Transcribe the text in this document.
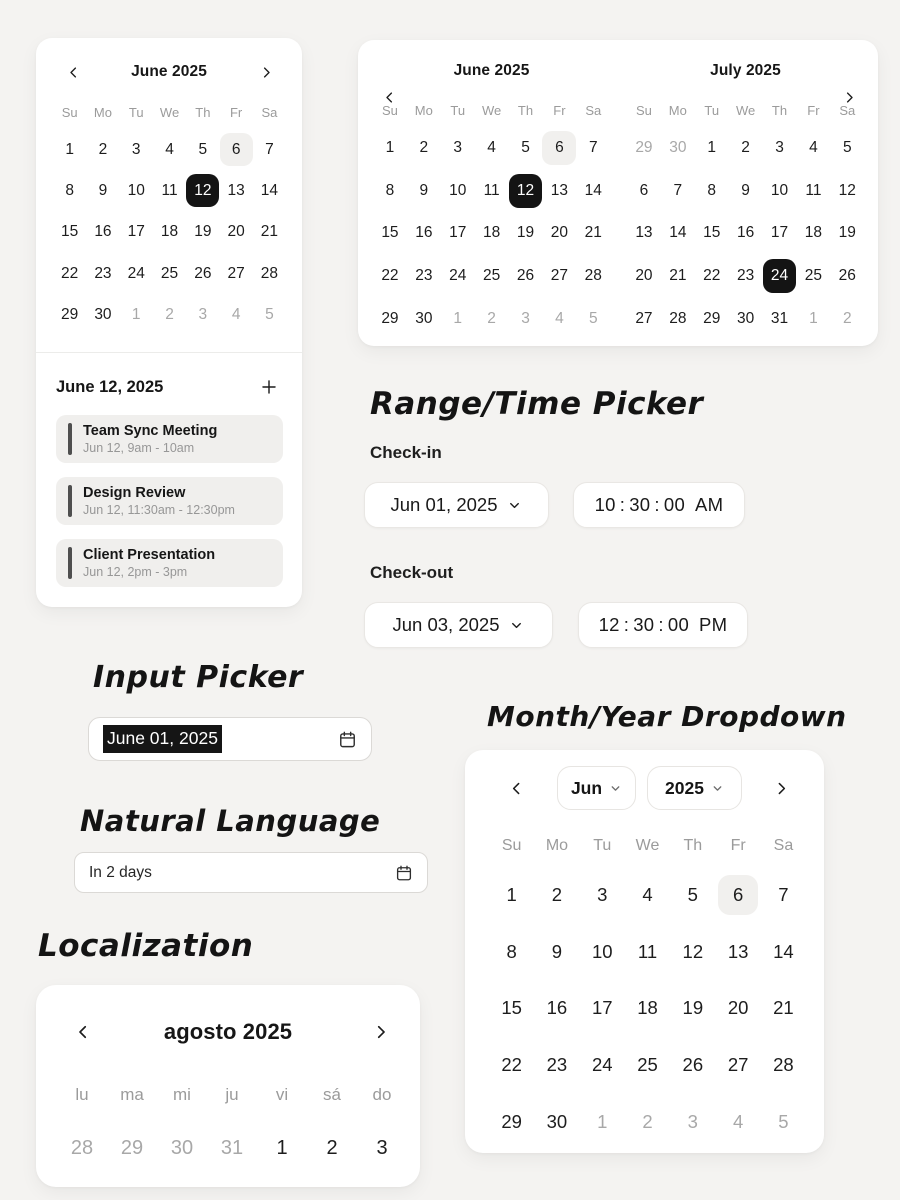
June 2025
Su	Mo	Tu	We	Th	Fr	Sa
1	2	3	4	5	6	7
8	9	10	11	12	13	14
15	16	17	18	19	20	21
22	23	24	25	26	27	28
29	30	1	2	3	4	5
June 12, 2025
Team Sync Meeting
Jun 12, 9am - 10am
Design Review
Jun 12, 11:30am - 12:30pm
Client Presentation
Jun 12, 2pm - 3pm
June 2025
Su	Mo	Tu	We	Th	Fr	Sa
1	2	3	4	5	6	7
8	9	10	11	12	13	14
15	16	17	18	19	20	21
22	23	24	25	26	27	28
29	30	1	2	3	4	5
July 2025
Su	Mo	Tu	We	Th	Fr	Sa
29	30	1	2	3	4	5
6	7	8	9	10	11	12
13	14	15	16	17	18	19
20	21	22	23	24	25	26
27	28	29	30	31	1	2
Range/Time Picker
Check-in
Jun 01, 2025	10 : 30 : 00 AM
Check-out
Jun 03, 2025	12 : 30 : 00 PM
Input Picker
June 01, 2025
Natural Language
In 2 days
Localization
agosto 2025
lu	ma	mi	ju	vi	sá	do
28	29	30	31	1	2	3
Month/Year Dropdown
Jun	2025
Su	Mo	Tu	We	Th	Fr	Sa
1	2	3	4	5	6	7
8	9	10	11	12	13	14
15	16	17	18	19	20	21
22	23	24	25	26	27	28
29	30	1	2	3	4	5
